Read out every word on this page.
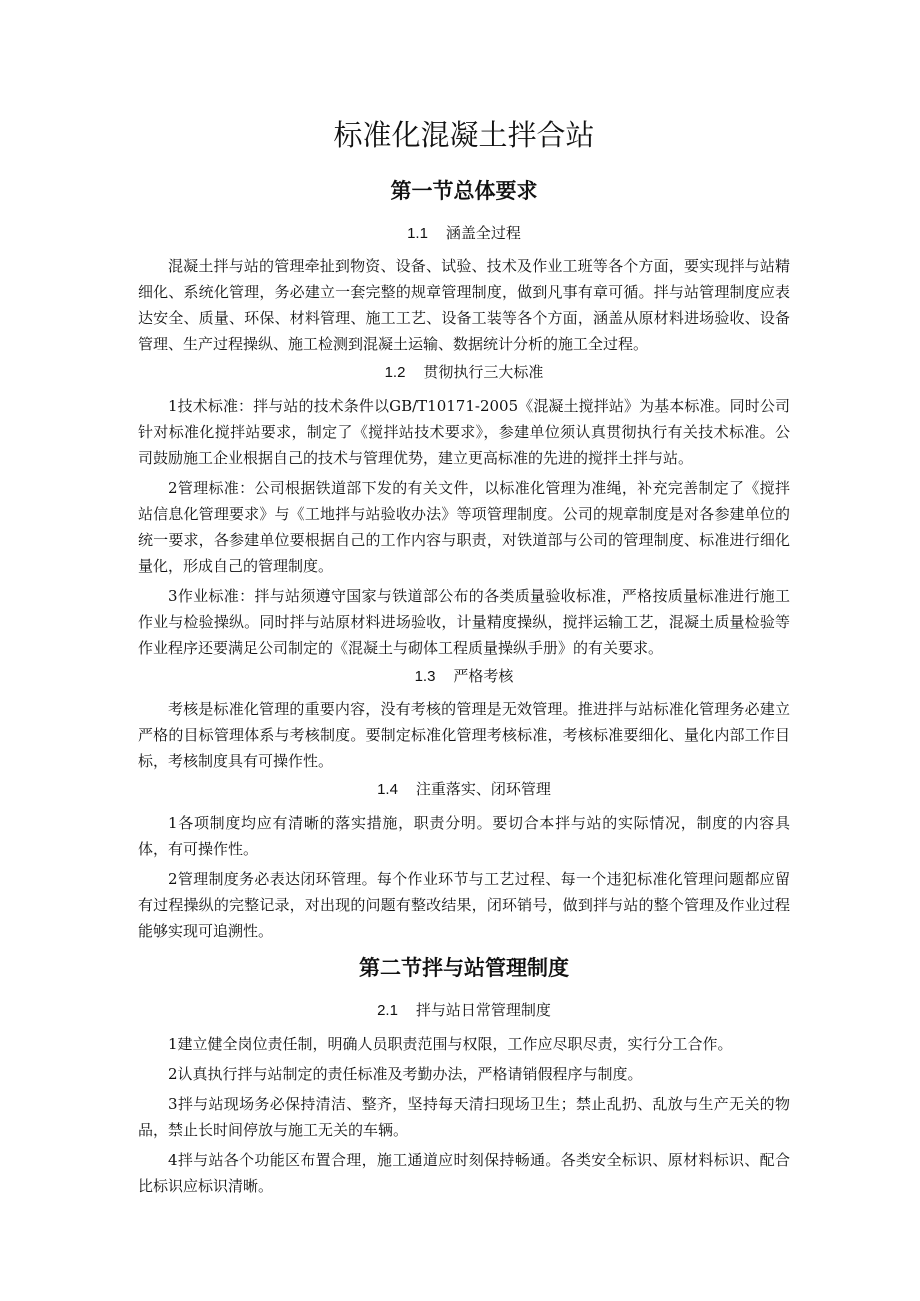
标准化混凝土拌合站
第一节总体要求
1.1 涵盖全过程

混凝土拌与站的管理牵扯到物资、设备、试验、技术及作业工班等各个方面，要实现拌与站精细化、系统化管理，务必建立一套完整的规章管理制度，做到凡事有章可循。拌与站管理制度应表达安全、质量、环保、材料管理、施工工艺、设备工装等各个方面，涵盖从原材料进场验收、设备管理、生产过程操纵、施工检测到混凝土运输、数据统计分析的施工全过程。

1.2 贯彻执行三大标准

1技术标准：拌与站的技术条件以GB/T10171-2005《混凝土搅拌站》为基本标准。同时公司针对标准化搅拌站要求，制定了《搅拌站技术要求》，参建单位须认真贯彻执行有关技术标准。公司鼓励施工企业根据自己的技术与管理优势，建立更高标准的先进的搅拌土拌与站。

2管理标准：公司根据铁道部下发的有关文件，以标准化管理为准绳，补充完善制定了《搅拌站信息化管理要求》与《工地拌与站验收办法》等项管理制度。公司的规章制度是对各参建单位的统一要求，各参建单位要根据自己的工作内容与职责，对铁道部与公司的管理制度、标准进行细化量化，形成自己的管理制度。

3作业标准：拌与站须遵守国家与铁道部公布的各类质量验收标准，严格按质量标准进行施工作业与检验操纵。同时拌与站原材料进场验收，计量精度操纵，搅拌运输工艺，混凝土质量检验等作业程序还要满足公司制定的《混凝土与砌体工程质量操纵手册》的有关要求。

1.3 严格考核

考核是标准化管理的重要内容，没有考核的管理是无效管理。推进拌与站标准化管理务必建立严格的目标管理体系与考核制度。要制定标准化管理考核标准，考核标准要细化、量化内部工作目标，考核制度具有可操作性。

1.4 注重落实、闭环管理

1各项制度均应有清晰的落实措施，职责分明。要切合本拌与站的实际情况，制度的内容具体，有可操作性。

2管理制度务必表达闭环管理。每个作业环节与工艺过程、每一个违犯标准化管理问题都应留有过程操纵的完整记录，对出现的问题有整改结果，闭环销号，做到拌与站的整个管理及作业过程能够实现可追溯性。

第二节拌与站管理制度
2.1 拌与站日常管理制度

1建立健全岗位责任制，明确人员职责范围与权限，工作应尽职尽责，实行分工合作。

2认真执行拌与站制定的责任标准及考勤办法，严格请销假程序与制度。

3拌与站现场务必保持清洁、整齐，坚持每天清扫现场卫生；禁止乱扔、乱放与生产无关的物品，禁止长时间停放与施工无关的车辆。

4拌与站各个功能区布置合理，施工通道应时刻保持畅通。各类安全标识、原材料标识、配合比标识应标识清晰。
